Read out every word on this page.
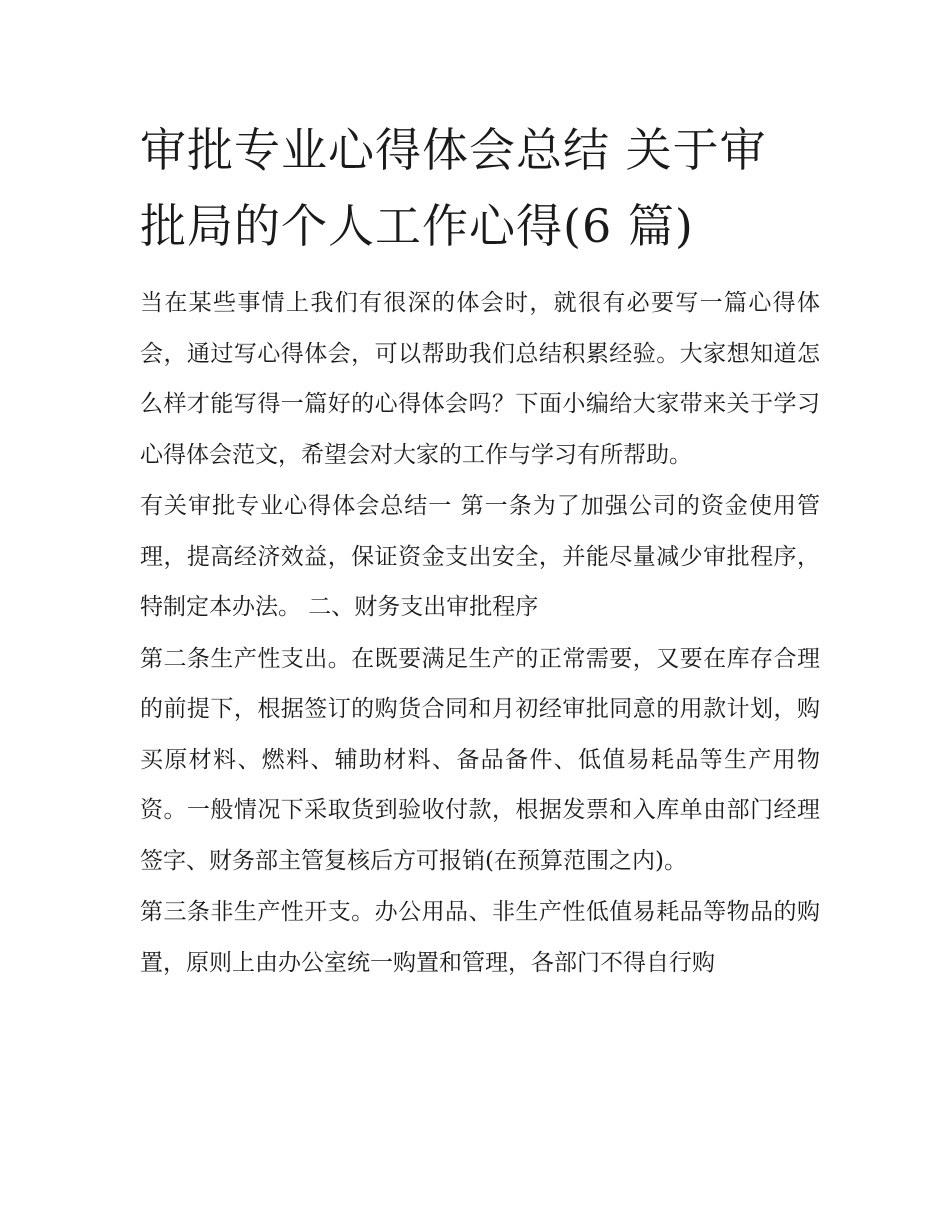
审批专业心得体会总结 关于审
批局的个人工作心得(6 篇)

当在某些事情上我们有很深的体会时，就很有必要写一篇心得体会，通过写心得体会，可以帮助我们总结积累经验。大家想知道怎么样才能写得一篇好的心得体会吗？下面小编给大家带来关于学习心得体会范文，希望会对大家的工作与学习有所帮助。

有关审批专业心得体会总结一 第一条为了加强公司的资金使用管理，提高经济效益，保证资金支出安全，并能尽量减少审批程序，特制定本办法。 二、财务支出审批程序

第二条生产性支出。在既要满足生产的正常需要，又要在库存合理的前提下，根据签订的购货合同和月初经审批同意的用款计划，购买原材料、燃料、辅助材料、备品备件、低值易耗品等生产用物资。一般情况下采取货到验收付款，根据发票和入库单由部门经理签字、财务部主管复核后方可报销(在预算范围之内)。

第三条非生产性开支。办公用品、非生产性低值易耗品等物品的购置，原则上由办公室统一购置和管理，各部门不得自行购
